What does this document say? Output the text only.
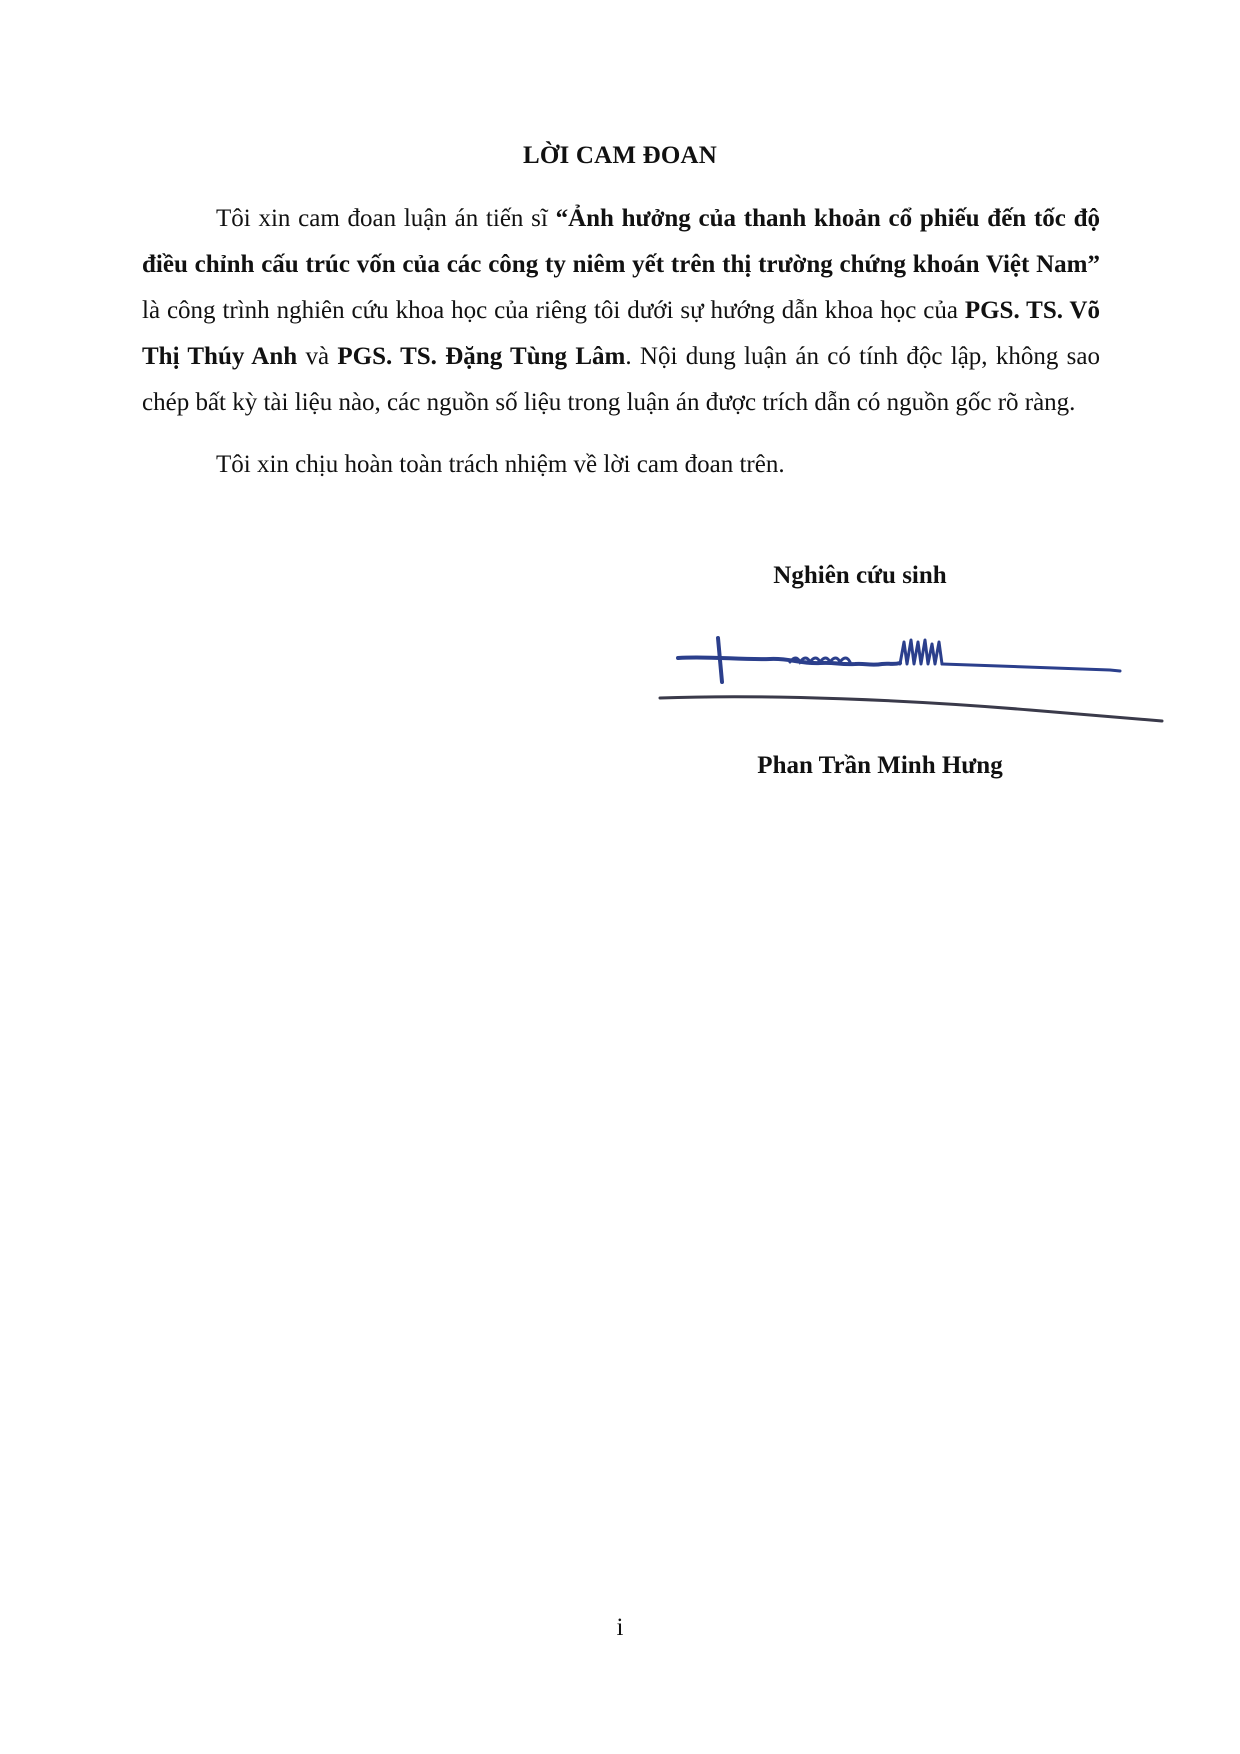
LỜI CAM ĐOAN

Tôi xin cam đoan luận án tiến sĩ “Ảnh hưởng của thanh khoản cổ phiếu đến tốc độ điều chỉnh cấu trúc vốn của các công ty niêm yết trên thị trường chứng khoán Việt Nam” là công trình nghiên cứu khoa học của riêng tôi dưới sự hướng dẫn khoa học của PGS. TS. Võ Thị Thúy Anh và PGS. TS. Đặng Tùng Lâm. Nội dung luận án có tính độc lập, không sao chép bất kỳ tài liệu nào, các nguồn số liệu trong luận án được trích dẫn có nguồn gốc rõ ràng.

Tôi xin chịu hoàn toàn trách nhiệm về lời cam đoan trên.

Nghiên cứu sinh
Phan Trần Minh Hưng
i
